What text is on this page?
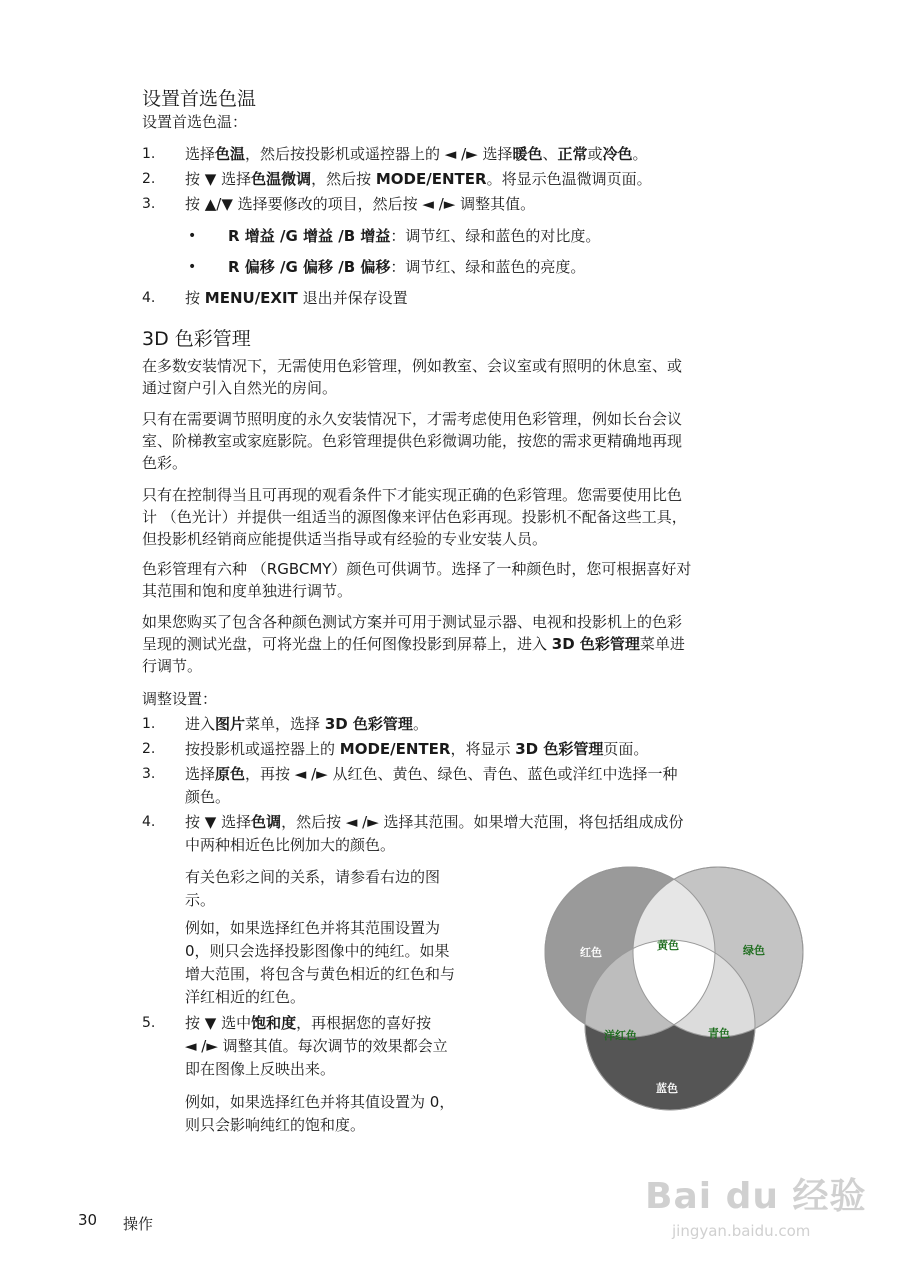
设置首选色温
设置首选色温：
1. 选择色温，然后按投影机或遥控器上的 ◄ /► 选择暖色、正常或冷色。
2. 按 ▼ 选择色温微调，然后按 MODE/ENTER。将显示色温微调页面。
3. 按 ▲/▼ 选择要修改的项目，然后按 ◄ /► 调整其值。
• R 增益 /G 增益 /B 增益：调节红、绿和蓝色的对比度。
• R 偏移 /G 偏移 /B 偏移：调节红、绿和蓝色的亮度。
4. 按 MENU/EXIT 退出并保存设置
3D 色彩管理
在多数安装情况下，无需使用色彩管理，例如教室、会议室或有照明的休息室、或
通过窗户引入自然光的房间。
只有在需要调节照明度的永久安装情况下，才需考虑使用色彩管理，例如长台会议
室、阶梯教室或家庭影院。色彩管理提供色彩微调功能，按您的需求更精确地再现
色彩。
只有在控制得当且可再现的观看条件下才能实现正确的色彩管理。您需要使用比色
计 （色光计）并提供一组适当的源图像来评估色彩再现。投影机不配备这些工具，
但投影机经销商应能提供适当指导或有经验的专业安装人员。
色彩管理有六种 （RGBCMY）颜色可供调节。选择了一种颜色时，您可根据喜好对
其范围和饱和度单独进行调节。
如果您购买了包含各种颜色测试方案并可用于测试显示器、电视和投影机上的色彩
呈现的测试光盘，可将光盘上的任何图像投影到屏幕上，进入 3D 色彩管理菜单进
行调节。
调整设置：
1. 进入图片菜单，选择 3D 色彩管理。
2. 按投影机或遥控器上的 MODE/ENTER，将显示 3D 色彩管理页面。
3. 选择原色，再按 ◄ /► 从红色、黄色、绿色、青色、蓝色或洋红中选择一种
颜色。
4. 按 ▼ 选择色调，然后按 ◄ /► 选择其范围。如果增大范围，将包括组成成份
中两种相近色比例加大的颜色。
有关色彩之间的关系，请参看右边的图
示。
例如，如果选择红色并将其范围设置为
0，则只会选择投影图像中的纯红。如果
增大范围，将包含与黄色相近的红色和与
洋红相近的红色。
5. 按 ▼ 选中饱和度，再根据您的喜好按
◄ /► 调整其值。每次调节的效果都会立
即在图像上反映出来。
例如，如果选择红色并将其值设置为 0，
则只会影响纯红的饱和度。
红色
黄色	绿色
洋红色	青色
蓝色
30 操作
Bai du 经验
jingyan.baidu.com
